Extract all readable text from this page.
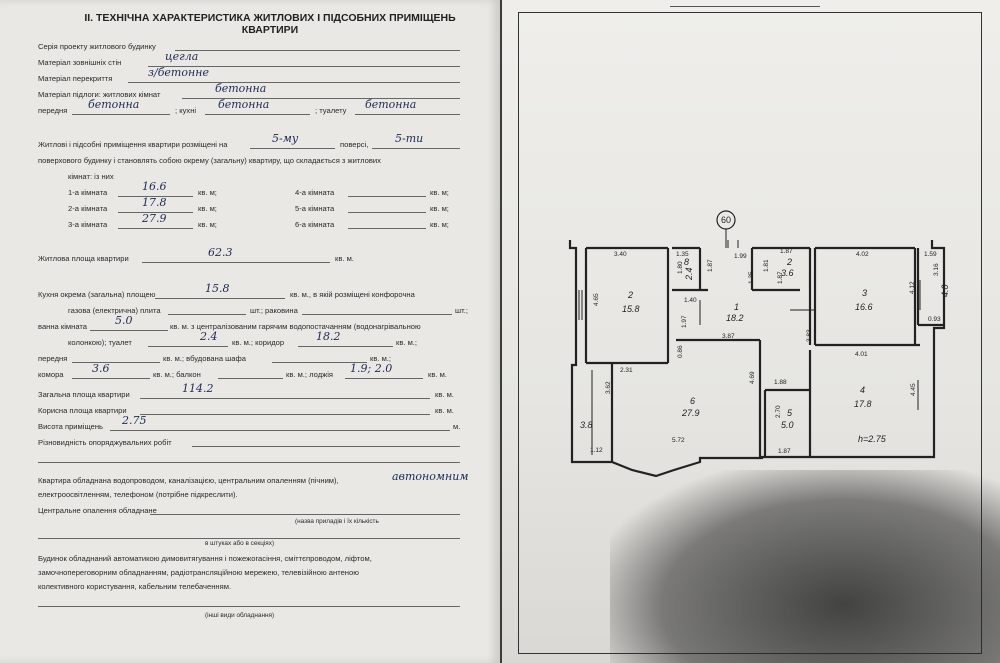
ІІ. ТЕХНІЧНА ХАРАКТЕРИСТИКА ЖИТЛОВИХ І ПІДСОБНИХ ПРИМІЩЕНЬ КВАРТИРИ
Серія проекту житлового будинку
Матеріал зовнішніх стін	цегла
Матеріал перекриття	з/бетонне
Матеріал підлоги: житлових кімнат	бетонна
передня бетонна	; кухні бетонна	; туалету бетонна
Житлові і підсобні приміщення квартири розміщені на	5-му	поверсі, 5-ти
поверхового будинку і становлять собою окрему (загальну) квартиру, що складається з житлових
кімнат: із них
1-а кімната	16.6	кв. м;
2-а кімната	17.8	кв. м;
3-а кімната	27.9	кв. м;
4-а кімната	кв. м;
5-а кімната	кв. м;
6-а кімната	кв. м;
Житлова площа квартири	62.3	кв. м.
Кухня окрема (загальна) площею	15.8	кв. м., в якій розміщені конфорочна
газова (електрична) плита	шт.; раковина	шт.;
ванна кімната	5.0	кв. м. з централізованим гарячим водопостачанням (водонагрівальною
колонкою); туалет	2.4 кв. м.; коридор	18.2	кв. м.;
передня	кв. м.; вбудована шафа	кв. м.;
комора	3.6	кв. м.; балкон	кв. м.; лоджія 1.9; 2.0	кв. м.
Загальна площа квартири	114.2	кв. м.
Корисна площа квартири	кв. м.
Висота приміщень 2.75	м.
Різновидність опоряджувальних робіт
Квартира обладнана водопроводом, каналізацією, центральним опаленням (пічним),	автономним
електроосвітленням, телефоном (потрібне підкреслити).
Центральне опалення обладнане
(назва приладів і їх кількість
в штуках або в секціях)
Будинок обладнаний автоматикою димовитягування і пожежогасіння, сміттєпроводом, ліфтом,
замочнопереговорним обладнанням, радіотрансляційною мережею, телевізійною антеною
колективного користування, кабельним телебаченням.
(інші види обладнання)
60
2
15.8
8
2.4
2
3.6
1
18.2
3
16.6
6
27.9	5
5.0
4
17.8
3.8
4.0
h=2.75
3.40	1.35	1.87	4.02	1.59
1.80	1.87
1.99
1.81
4.65	1.40
1.35
3.16
4.12
0.93
1.87
3.83
4.01
0.86
3.87
2.31
4.69	1.88
4.45
3.62
2.70
5.72
1.87
1.12
1.97
